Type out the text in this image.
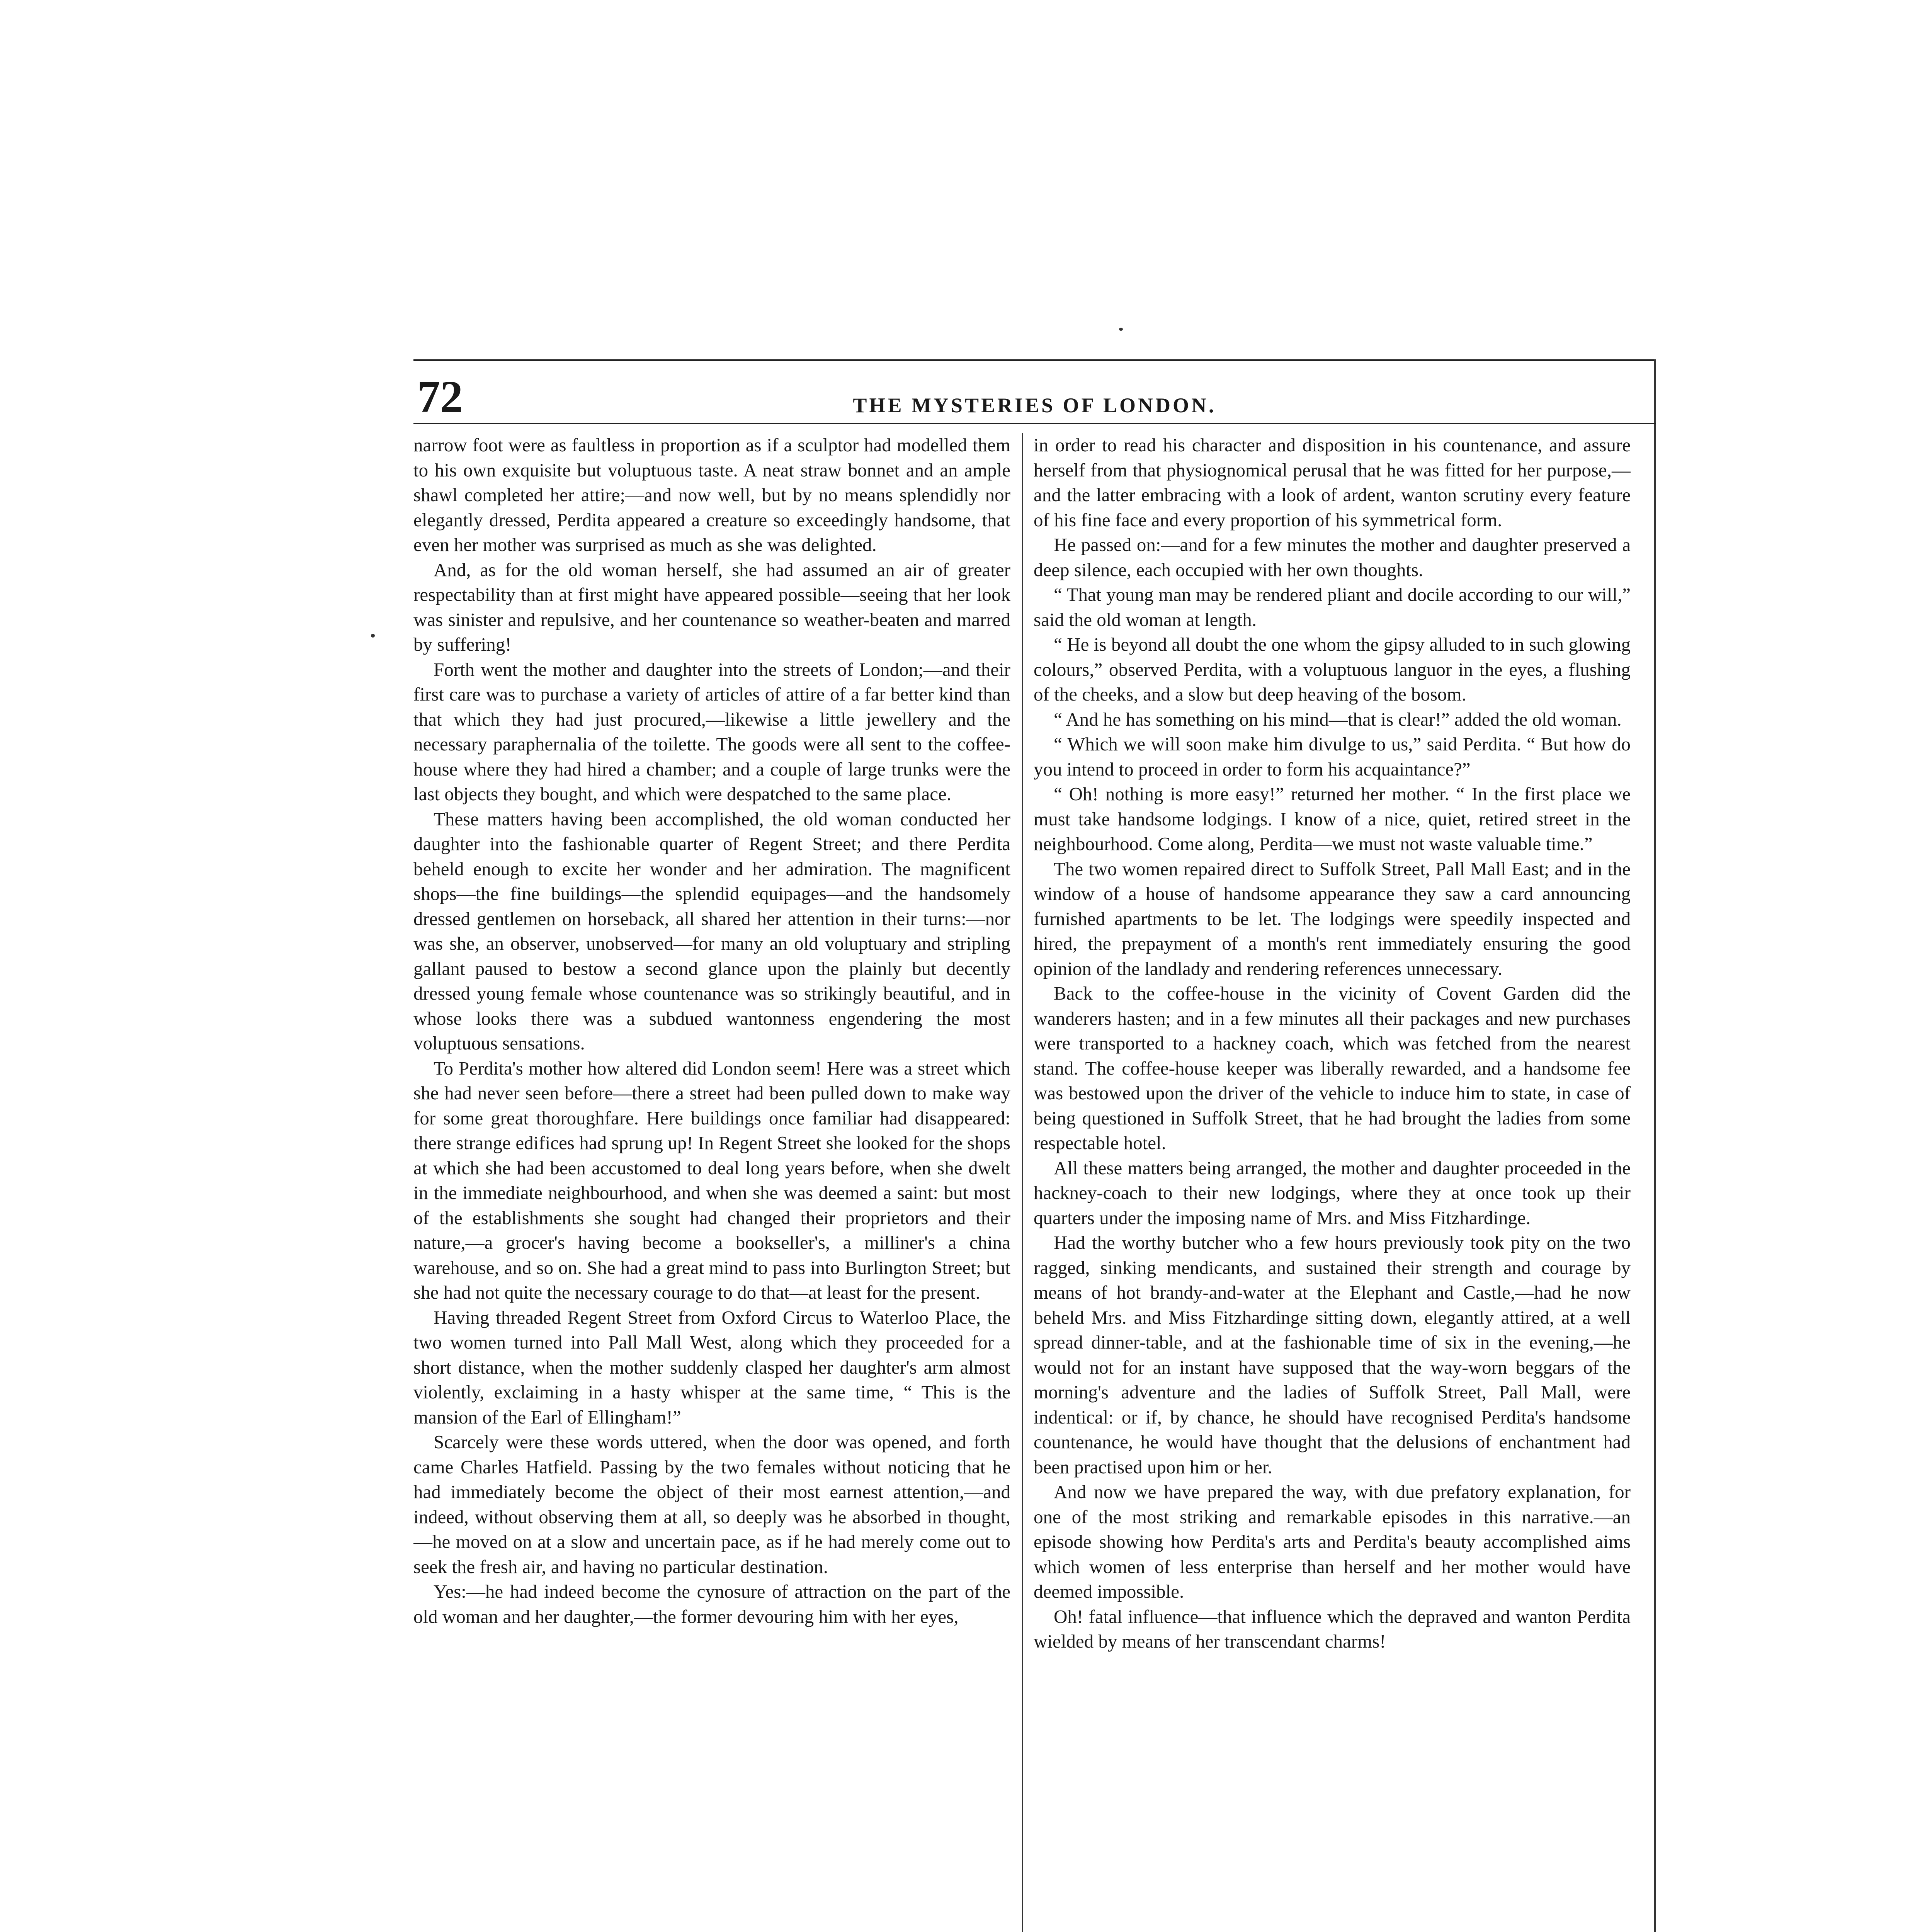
72	THE MYSTERIES OF LONDON.

narrow foot were as faultless in proportion as if a sculptor had modelled them to his own exquisite but voluptuous taste. A neat straw bonnet and an ample shawl completed her attire;—and now well, but by no means splendidly nor elegantly dressed, Perdita appeared a creature so exceedingly handsome, that even her mother was surprised as much as she was delighted.

And, as for the old woman herself, she had assumed an air of greater respectability than at first might have appeared possible—seeing that her look was sinister and repulsive, and her countenance so weather-beaten and marred by suffering!

Forth went the mother and daughter into the streets of London;—and their first care was to purchase a variety of articles of attire of a far better kind than that which they had just procured,—likewise a little jewellery and the necessary paraphernalia of the toilette. The goods were all sent to the coffee-house where they had hired a chamber; and a couple of large trunks were the last objects they bought, and which were despatched to the same place.

These matters having been accomplished, the old woman conducted her daughter into the fashionable quarter of Regent Street; and there Perdita beheld enough to excite her wonder and her admiration. The magnificent shops—the fine buildings—the splendid equipages—and the handsomely dressed gentlemen on horseback, all shared her attention in their turns:—nor was she, an observer, unobserved—for many an old voluptuary and stripling gallant paused to bestow a second glance upon the plainly but decently dressed young female whose countenance was so strikingly beautiful, and in whose looks there was a subdued wantonness engendering the most voluptuous sensations.

To Perdita's mother how altered did London seem! Here was a street which she had never seen before—there a street had been pulled down to make way for some great thoroughfare. Here buildings once familiar had disappeared: there strange edifices had sprung up! In Regent Street she looked for the shops at which she had been accustomed to deal long years before, when she dwelt in the immediate neighbourhood, and when she was deemed a saint: but most of the establishments she sought had changed their proprietors and their nature,—a grocer's having become a bookseller's, a milliner's a china warehouse, and so on. She had a great mind to pass into Burlington Street; but she had not quite the necessary courage to do that—at least for the present.

Having threaded Regent Street from Oxford Circus to Waterloo Place, the two women turned into Pall Mall West, along which they proceeded for a short distance, when the mother suddenly clasped her daughter's arm almost violently, exclaiming in a hasty whisper at the same time, “ This is the mansion of the Earl of Ellingham!”

Scarcely were these words uttered, when the door was opened, and forth came Charles Hatfield. Passing by the two females without noticing that he had immediately become the object of their most earnest attention,—and indeed, without observing them at all, so deeply was he absorbed in thought,—he moved on at a slow and uncertain pace, as if he had merely come out to seek the fresh air, and having no particular destination.

Yes:—he had indeed become the cynosure of attraction on the part of the old woman and her daughter,—the former devouring him with her eyes,

in order to read his character and disposition in his countenance, and assure herself from that physiognomical perusal that he was fitted for her purpose,—and the latter embracing with a look of ardent, wanton scrutiny every feature of his fine face and every proportion of his symmetrical form.

He passed on:—and for a few minutes the mother and daughter preserved a deep silence, each occupied with her own thoughts.

“ That young man may be rendered pliant and docile according to our will,” said the old woman at length.

“ He is beyond all doubt the one whom the gipsy alluded to in such glowing colours,” observed Perdita, with a voluptuous languor in the eyes, a flushing of the cheeks, and a slow but deep heaving of the bosom.

“ And he has something on his mind—that is clear!” added the old woman.

“ Which we will soon make him divulge to us,” said Perdita. “ But how do you intend to proceed in order to form his acquaintance?”

“ Oh! nothing is more easy!” returned her mother. “ In the first place we must take handsome lodgings. I know of a nice, quiet, retired street in the neighbourhood. Come along, Perdita—we must not waste valuable time.”

The two women repaired direct to Suffolk Street, Pall Mall East; and in the window of a house of handsome appearance they saw a card announcing furnished apartments to be let. The lodgings were speedily inspected and hired, the prepayment of a month's rent immediately ensuring the good opinion of the landlady and rendering references unnecessary.

Back to the coffee-house in the vicinity of Covent Garden did the wanderers hasten; and in a few minutes all their packages and new purchases were transported to a hackney coach, which was fetched from the nearest stand. The coffee-house keeper was liberally rewarded, and a handsome fee was bestowed upon the driver of the vehicle to induce him to state, in case of being questioned in Suffolk Street, that he had brought the ladies from some respectable hotel.

All these matters being arranged, the mother and daughter proceeded in the hackney-coach to their new lodgings, where they at once took up their quarters under the imposing name of Mrs. and Miss Fitzhardinge.

Had the worthy butcher who a few hours previously took pity on the two ragged, sinking mendicants, and sustained their strength and courage by means of hot brandy-and-water at the Elephant and Castle,—had he now beheld Mrs. and Miss Fitzhardinge sitting down, elegantly attired, at a well spread dinner-table, and at the fashionable time of six in the evening,—he would not for an instant have supposed that the way-worn beggars of the morning's adventure and the ladies of Suffolk Street, Pall Mall, were indentical: or if, by chance, he should have recognised Perdita's handsome countenance, he would have thought that the delusions of enchantment had been practised upon him or her.

And now we have prepared the way, with due prefatory explanation, for one of the most striking and remarkable episodes in this narrative.—an episode showing how Perdita's arts and Perdita's beauty accomplished aims which women of less enterprise than herself and her mother would have deemed impossible.

Oh! fatal influence—that influence which the depraved and wanton Perdita wielded by means of her transcendant charms!
